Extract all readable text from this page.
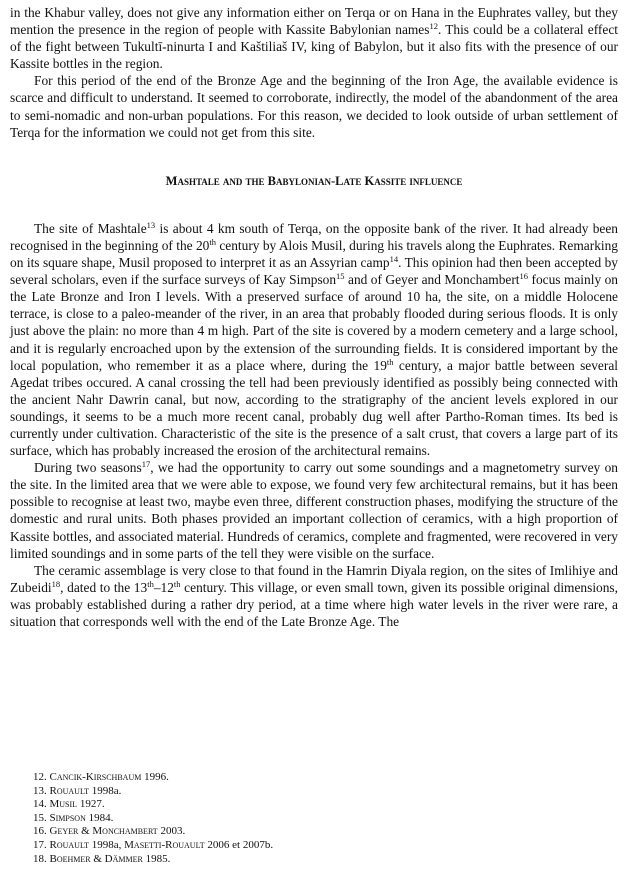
in the Khabur valley, does not give any information either on Terqa or on Hana in the Euphrates valley, but they mention the presence in the region of people with Kassite Babylonian names$^{12}$. This could be a collateral effect of the fight between Tukultī-ninurta I and Kaštiliaš IV, king of Babylon, but it also fits with the presence of our Kassite bottles in the region.

For this period of the end of the Bronze Age and the beginning of the Iron Age, the available evidence is scarce and difficult to understand. It seemed to corroborate, indirectly, the model of the abandonment of the area to semi-nomadic and non-urban populations. For this reason, we decided to look outside of urban settlement of Terqa for the information we could not get from this site.

Mashtale and the Babylonian-Late Kassite influence

The site of Mashtale$^{13}$ is about 4 km south of Terqa, on the opposite bank of the river. It had already been recognised in the beginning of the 20th century by Alois Musil, during his travels along the Euphrates. Remarking on its square shape, Musil proposed to interpret it as an Assyrian camp$^{14}$. This opinion had then been accepted by several scholars, even if the surface surveys of Kay Simpson$^{15}$ and of Geyer and Monchambert$^{16}$ focus mainly on the Late Bronze and Iron I levels. With a preserved surface of around 10 ha, the site, on a middle Holocene terrace, is close to a paleo-meander of the river, in an area that probably flooded during serious floods. It is only just above the plain: no more than 4 m high. Part of the site is covered by a modern cemetery and a large school, and it is regularly encroached upon by the extension of the surrounding fields. It is considered important by the local population, who remember it as a place where, during the 19th century, a major battle between several Agedat tribes occured. A canal crossing the tell had been previously identified as possibly being connected with the ancient Nahr Dawrin canal, but now, according to the stratigraphy of the ancient levels explored in our soundings, it seems to be a much more recent canal, probably dug well after Partho-Roman times. Its bed is currently under cultivation. Characteristic of the site is the presence of a salt crust, that covers a large part of its surface, which has probably increased the erosion of the architectural remains.

During two seasons$^{17}$, we had the opportunity to carry out some soundings and a magnetometry survey on the site. In the limited area that we were able to expose, we found very few architectural remains, but it has been possible to recognise at least two, maybe even three, different construction phases, modifying the structure of the domestic and rural units. Both phases provided an important collection of ceramics, with a high proportion of Kassite bottles, and associated material. Hundreds of ceramics, complete and fragmented, were recovered in very limited soundings and in some parts of the tell they were visible on the surface.

The ceramic assemblage is very close to that found in the Hamrin Diyala region, on the sites of Imlihiye and Zubeidi$^{18}$, dated to the 13th–12th century. This village, or even small town, given its possible original dimensions, was probably established during a rather dry period, at a time where high water levels in the river were rare, a situation that corresponds well with the end of the Late Bronze Age. The

12. Cancik-Kirschbaum 1996.
13. Rouault 1998a.
14. Musil 1927.
15. Simpson 1984.
16. Geyer & Monchambert 2003.
17. Rouault 1998a, Masetti-Rouault 2006 et 2007b.
18. Boehmer & Dämmer 1985.
